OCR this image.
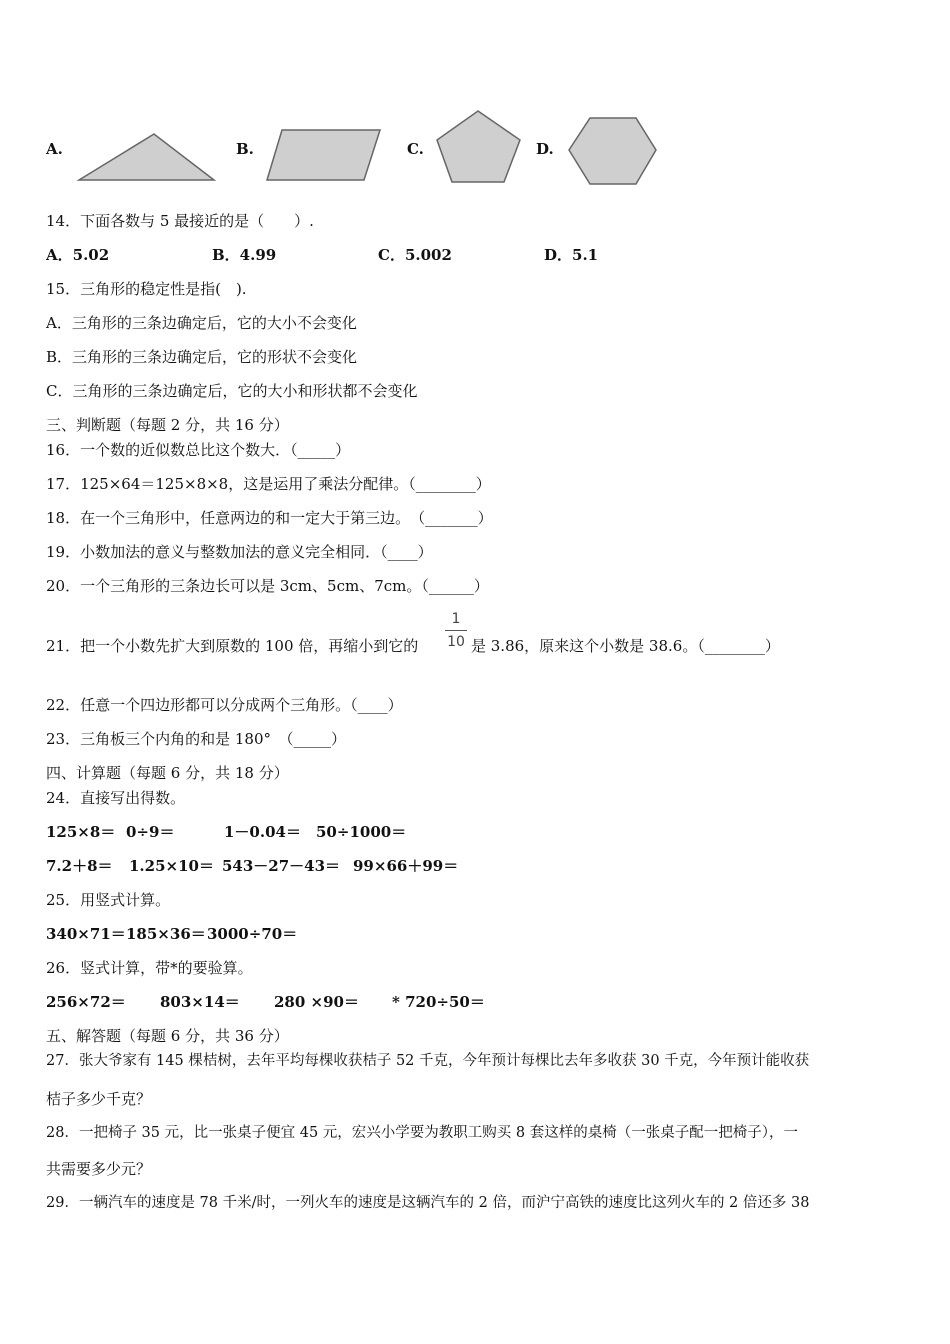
A.	B.	C.	D.
14．下面各数与 5 最接近的是（　　）.
A．5.02	B．4.99	C．5.002	D．5.1
15．三角形的稳定性是指(　).
A．三角形的三条边确定后，它的大小不会变化
B．三角形的三条边确定后，它的形状不会变化
C．三角形的三条边确定后，它的大小和形状都不会变化
三、判断题（每题 2 分，共 16 分）
16．一个数的近似数总比这个数大．（_____）
17．125×64＝125×8×8，这是运用了乘法分配律。（________）
18．在一个三角形中，任意两边的和一定大于第三边。　（_______）
19．小数加法的意义与整数加法的意义完全相同．（____）
20．一个三角形的三条边长可以是 3cm、5cm、7cm。（______）
21．把一个小数先扩大到原数的 100 倍，再缩小到它的
1
10 是 3.86，原来这个小数是 38.6。（________）
22．任意一个四边形都可以分成两个三角形。（____）
23．三角板三个内角的和是 180°　（_____）
四、计算题（每题 6 分，共 18 分）
24．直接写出得数。
125×8＝ 0÷9＝	1－0.04＝ 50÷1000＝
7.2＋8＝ 1.25×10＝ 543－27－43＝ 99×66＋99＝
25．用竖式计算。
340×71＝185×36＝3000÷70＝
26．竖式计算，带*的要验算。
256×72＝ 803×14＝ 280 ×90＝ * 720÷50＝
五、解答题（每题 6 分，共 36 分）
27．张大爷家有 145 棵桔树，去年平均每棵收获桔子 52 千克，今年预计每棵比去年多收获 30 千克，今年预计能收获
桔子多少千克？
28．一把椅子 35 元，比一张桌子便宜 45 元，宏兴小学要为教职工购买 8 套这样的桌椅（一张桌子配一把椅子），一
共需要多少元？
29．一辆汽车的速度是 78 千米/时，一列火车的速度是这辆汽车的 2 倍，而沪宁高铁的速度比这列火车的 2 倍还多 38
